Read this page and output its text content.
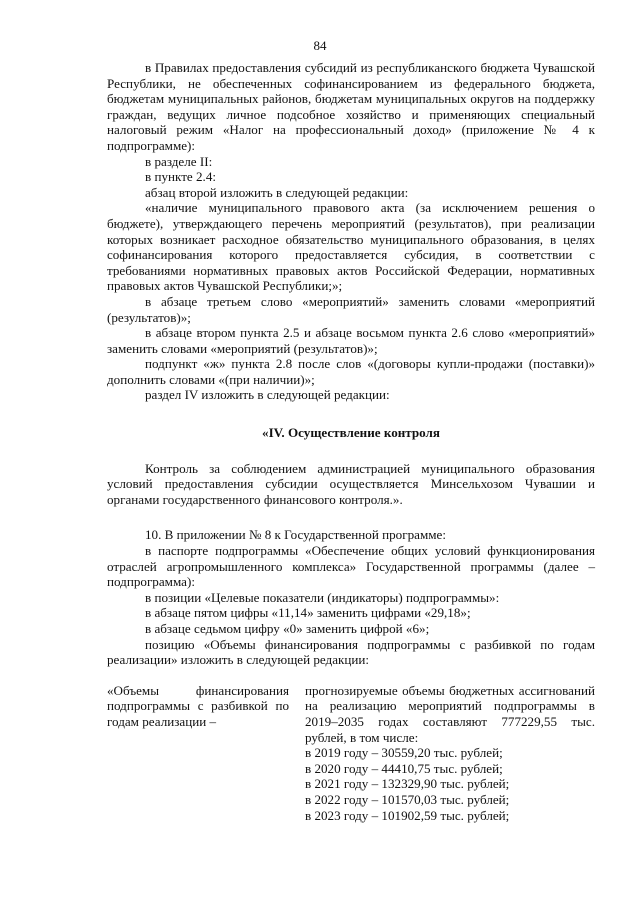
84

в Правилах предоставления субсидий из республиканского бюджета Чувашской Республики, не обеспеченных софинансированием из федерального бюджета, бюджетам муниципальных районов, бюджетам муниципальных округов на поддержку граждан, ведущих личное подсобное хозяйство и применяющих специальный налоговый режим «Налог на профессиональный доход» (приложение № 4 к подпрограмме):

в разделе II:

в пункте 2.4:

абзац второй изложить в следующей редакции:

«наличие муниципального правового акта (за исключением решения о бюджете), утверждающего перечень мероприятий (результатов), при реализации которых возникает расходное обязательство муниципального образования, в целях софинансирования которого предоставляется субсидия, в соответствии с требованиями нормативных правовых актов Российской Федерации, нормативных правовых актов Чувашской Республики;»;

в абзаце третьем слово «мероприятий» заменить словами «мероприятий (результатов)»;

в абзаце втором пункта 2.5 и абзаце восьмом пункта 2.6 слово «мероприятий» заменить словами «мероприятий (результатов)»;

подпункт «ж» пункта 2.8 после слов «(договоры купли-продажи (поставки)» дополнить словами «(при наличии)»;

раздел IV изложить в следующей редакции:

«IV. Осуществление контроля

Контроль за соблюдением администрацией муниципального образования условий предоставления субсидии осуществляется Минсельхозом Чувашии и органами государственного финансового контроля.».

10. В приложении № 8 к Государственной программе:

в паспорте подпрограммы «Обеспечение общих условий функционирования отраслей агропромышленного комплекса» Государственной программы (далее – подпрограмма):

в позиции «Целевые показатели (индикаторы) подпрограммы»:

в абзаце пятом цифры «11,14» заменить цифрами «29,18»;

в абзаце седьмом цифру «0» заменить цифрой «6»;

позицию «Объемы финансирования подпрограммы с разбивкой по годам реализации» изложить в следующей редакции:

«Объемы финансирования подпрограммы с разбивкой по годам реализации –

прогнозируемые объемы бюджетных ассигнований на реализацию мероприятий подпрограммы в 2019–2035 годах составляют 777229,55 тыс. рублей, в том числе:

в 2019 году – 30559,20 тыс. рублей;

в 2020 году – 44410,75 тыс. рублей;

в 2021 году – 132329,90 тыс. рублей;

в 2022 году – 101570,03 тыс. рублей;

в 2023 году – 101902,59 тыс. рублей;
